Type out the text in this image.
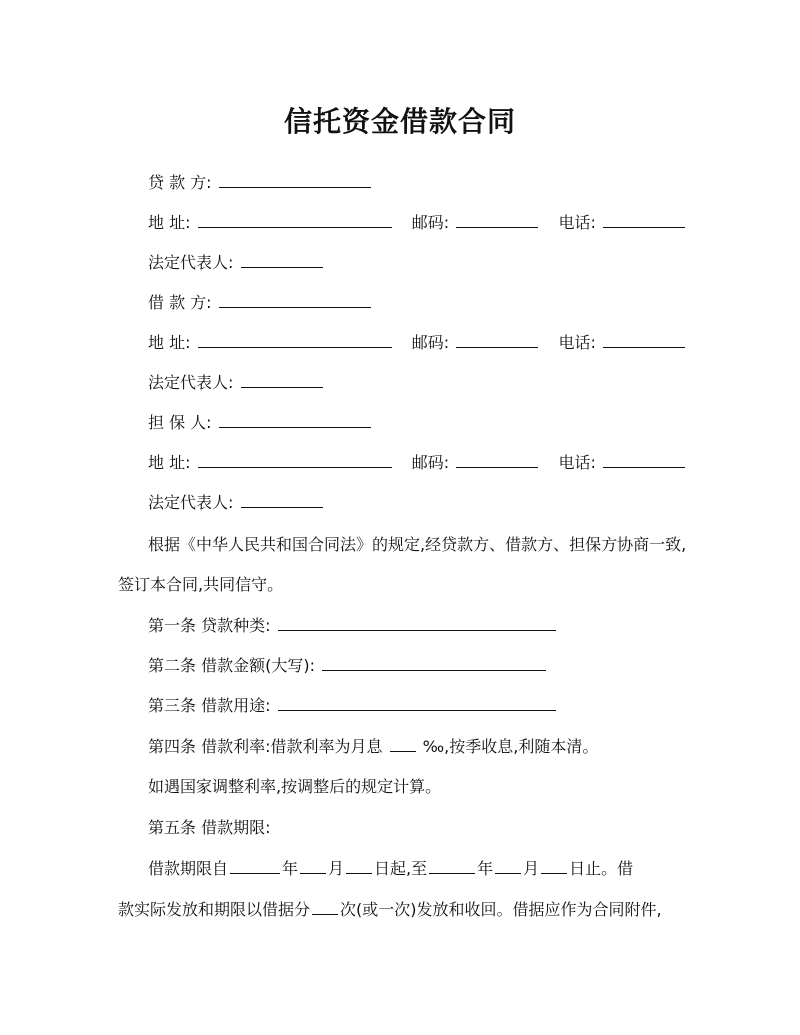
信托资金借款合同
贷 款 方:
地 址:	邮码:	电话:
法定代表人:
借 款 方:
地 址:	邮码:	电话:
法定代表人:
担 保 人:
地 址:	邮码:	电话:
法定代表人:
根据《中华人民共和国合同法》的规定,经贷款方、借款方、担保方协商一致,
签订本合同,共同信守。
第一条 贷款种类:
第二条 借款金额(大写):
第三条 借款用途:
第四条 借款利率:借款利率为月息	‰,按季收息,利随本清。
如遇国家调整利率,按调整后的规定计算。
第五条 借款期限:
借款期限自	年 月 日起,至	年 月 日止。借
款实际发放和期限以借据分 次(或一次)发放和收回。借据应作为合同附件,
